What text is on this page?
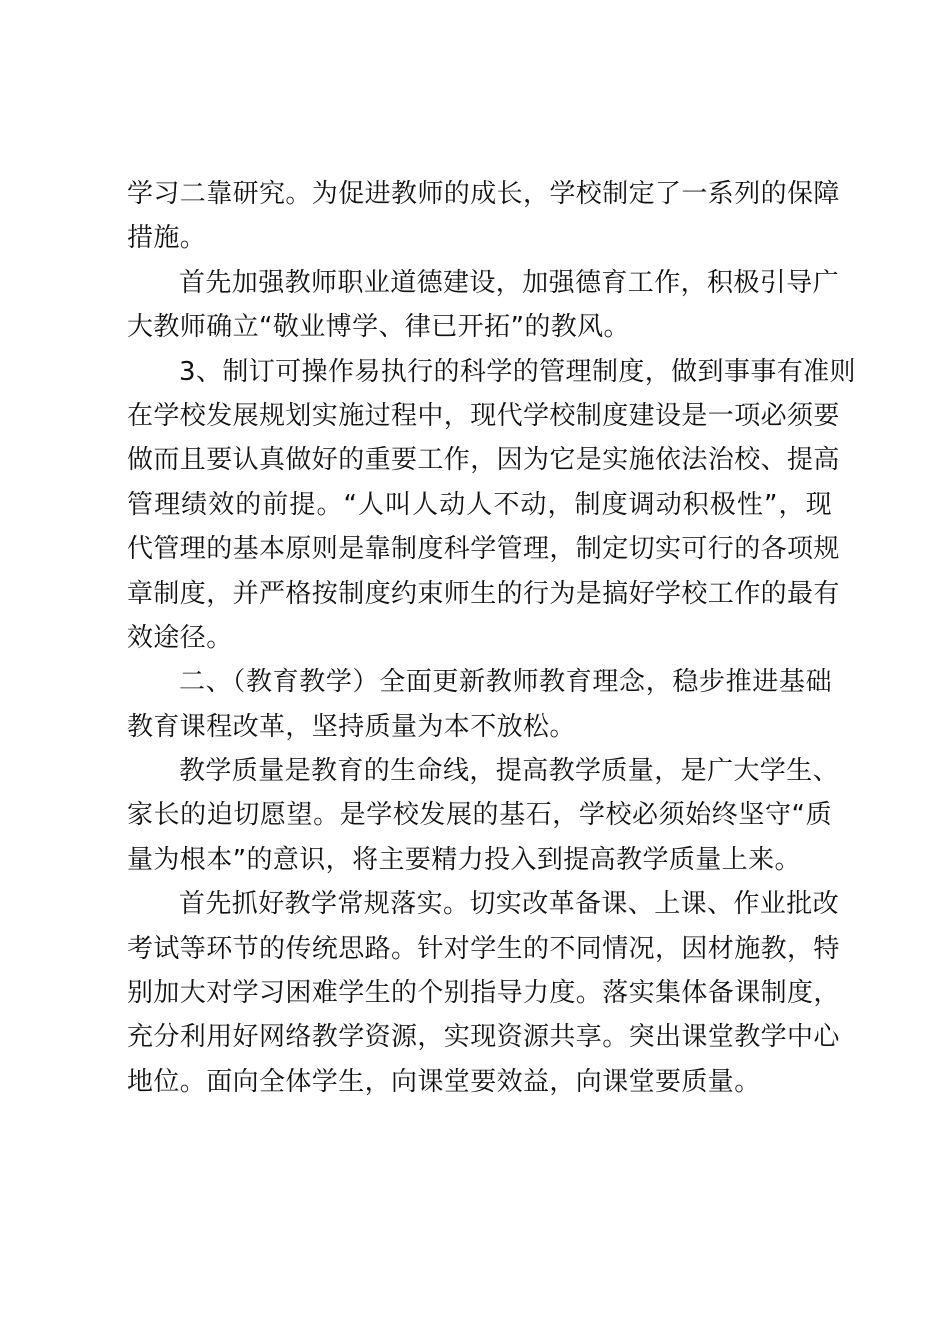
学习二靠研究。为促进教师的成长，学校制定了一系列的保障
措施。
首先加强教师职业道德建设，加强德育工作，积极引导广
大教师确立“敬业博学、律已开拓”的教风。
3、制订可操作易执行的科学的管理制度，做到事事有准则
在学校发展规划实施过程中，现代学校制度建设是一项必须要
做而且要认真做好的重要工作，因为它是实施依法治校、提高
管理绩效的前提。“人叫人动人不动，制度调动积极性”，现
代管理的基本原则是靠制度科学管理，制定切实可行的各项规
章制度，并严格按制度约束师生的行为是搞好学校工作的最有
效途径。
二、（教育教学）全面更新教师教育理念，稳步推进基础
教育课程改革，坚持质量为本不放松。
教学质量是教育的生命线，提高教学质量，是广大学生、
家长的迫切愿望。是学校发展的基石，学校必须始终坚守“质
量为根本”的意识，将主要精力投入到提高教学质量上来。
首先抓好教学常规落实。切实改革备课、上课、作业批改
考试等环节的传统思路。针对学生的不同情况，因材施教，特
别加大对学习困难学生的个别指导力度。落实集体备课制度，
充分利用好网络教学资源，实现资源共享。突出课堂教学中心
地位。面向全体学生，向课堂要效益，向课堂要质量。
